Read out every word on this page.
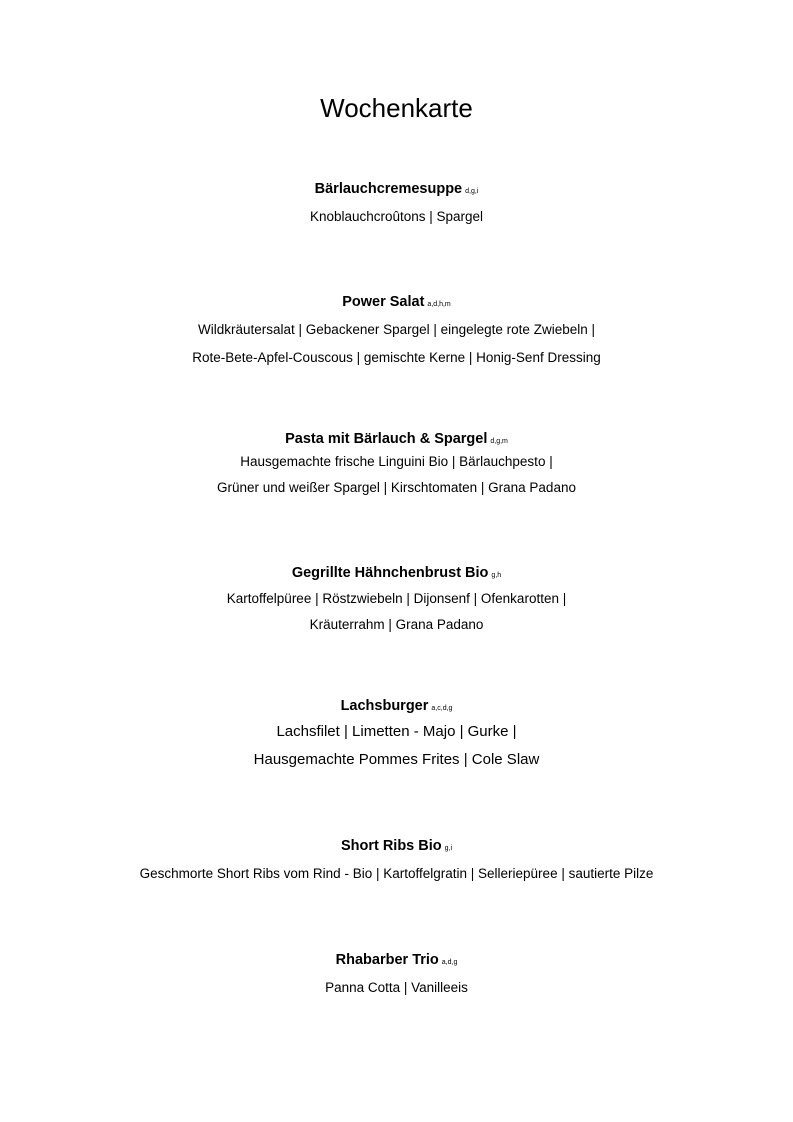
Wochenkarte
Bärlauchcremesuppe d,g,i
Knoblauchcroûtons | Spargel
Power Salat a,d,h,m
Wildkräutersalat | Gebackener Spargel | eingelegte rote Zwiebeln |
Rote-Bete-Apfel-Couscous | gemischte Kerne | Honig-Senf Dressing
Pasta mit Bärlauch & Spargel d,g,m
Hausgemachte frische Linguini Bio | Bärlauchpesto |
Grüner und weißer Spargel | Kirschtomaten | Grana Padano
Gegrillte Hähnchenbrust Bio g,h
Kartoffelpüree | Röstzwiebeln | Dijonsenf | Ofenkarotten |
Kräuterrahm | Grana Padano
Lachsburger a,c,d,g
Lachsfilet | Limetten - Majo | Gurke |
Hausgemachte Pommes Frites | Cole Slaw
Short Ribs Bio g,i
Geschmorte Short Ribs vom Rind - Bio | Kartoffelgratin | Selleriepüree | sautierte Pilze
Rhabarber Trio a,d,g
Panna Cotta | Vanilleeis
